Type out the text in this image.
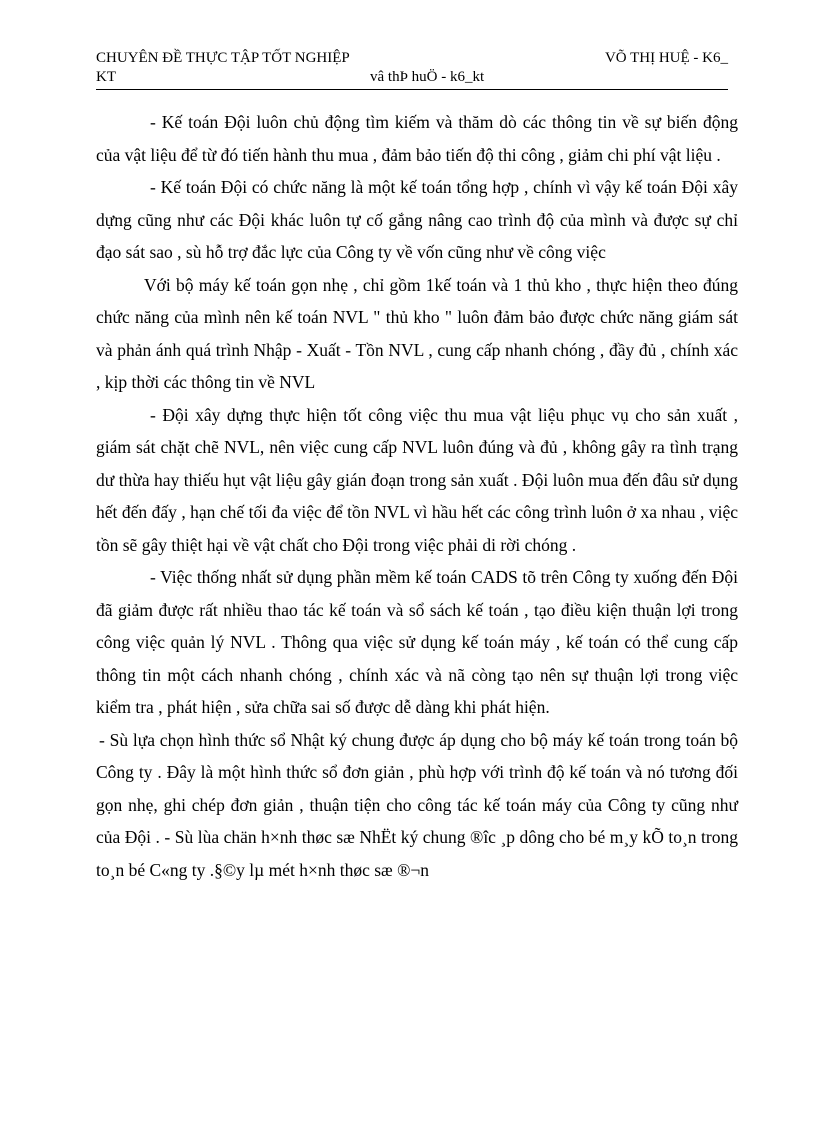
CHUYÊN ĐỀ THỰC TẬP TỐT NGHIỆP	VÕ THỊ HUỆ - K6_
KT	vâ thÞ huÖ - k6_kt

- Kế toán Đội luôn chủ động tìm kiếm và thăm dò các thông tin về sự biến động của vật liệu để từ đó tiến hành thu mua , đảm bảo tiến độ thi công , giảm chi phí vật liệu .

- Kế toán Đội có chức năng là một kế toán tổng hợp , chính vì vậy kế toán Đội xây dựng cũng như các Đội khác luôn tự cố gắng nâng cao trình độ của mình và được sự chỉ đạo sát sao , sù hỗ trợ đắc lực của Công ty về vốn cũng như về công việc

Với bộ máy kế toán gọn nhẹ , chỉ gồm 1kế toán và 1 thủ kho , thực hiện theo đúng chức năng của mình nên kế toán NVL " thủ kho " luôn đảm bảo được chức năng giám sát và phản ánh quá trình Nhập - Xuất - Tồn NVL , cung cấp nhanh chóng , đầy đủ , chính xác , kịp thời các thông tin về NVL

- Đội xây dựng thực hiện tốt công việc thu mua vật liệu phục vụ cho sản xuất , giám sát chặt chẽ NVL, nên việc cung cấp NVL luôn đúng và đủ , không gây ra tình trạng dư thừa hay thiếu hụt vật liệu gây gián đoạn trong sản xuất . Đội luôn mua đến đâu sử dụng hết đến đấy , hạn chế tối đa việc để tồn NVL vì hầu hết các công trình luôn ở xa nhau , việc tồn sẽ gây thiệt hại về vật chất cho Đội trong việc phải di rời chóng .

- Việc thống nhất sử dụng phần mềm kế toán CADS tõ trên Công ty xuống đến Đội đã giảm được rất nhiều thao tác kế toán và sổ sách kế toán , tạo điều kiện thuận lợi trong công việc quản lý NVL . Thông qua việc sử dụng kế toán máy , kế toán có thể cung cấp thông tin một cách nhanh chóng , chính xác và nã còng tạo nên sự thuận lợi trong việc kiểm tra , phát hiện , sửa chữa sai số được dễ dàng khi phát hiện.

- Sù lựa chọn hình thức sổ Nhật ký chung được áp dụng cho bộ máy kế toán trong toán bộ Công ty . Đây là một hình thức sổ đơn giản , phù hợp với trình độ kế toán và nó tương đối gọn nhẹ, ghi chép đơn giản , thuận tiện cho công tác kế toán máy của Công ty cũng như của Đội . - Sù lùa chän h×nh thøc sæ NhËt ký chung ®îc ¸p dông cho bé m¸y kÕ to¸n trong to¸n bé C«ng ty .§©y lµ mét h×nh thøc sæ ®¬n
